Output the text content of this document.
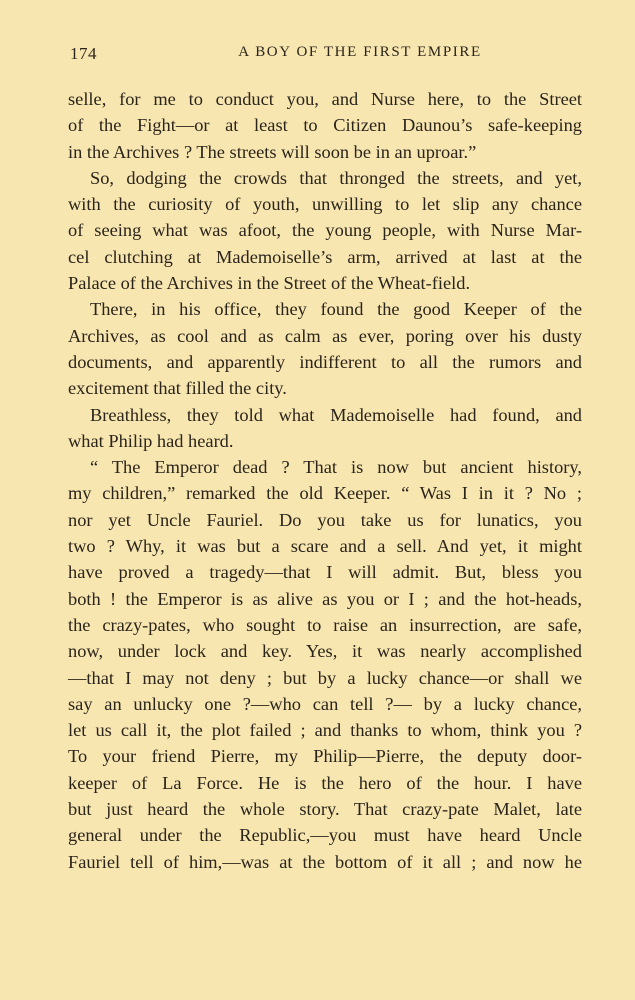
174	A BOY OF THE FIRST EMPIRE
selle, for me to conduct you, and Nurse here, to the Street
of the Fight—or at least to Citizen Daunou’s safe-keeping
in the Archives ? The streets will soon be in an uproar.”
So, dodging the crowds that thronged the streets, and yet,
with the curiosity of youth, unwilling to let slip any chance
of seeing what was afoot, the young people, with Nurse Mar-
cel clutching at Mademoiselle’s arm, arrived at last at the
Palace of the Archives in the Street of the Wheat-field.
There, in his office, they found the good Keeper of the
Archives, as cool and as calm as ever, poring over his dusty
documents, and apparently indifferent to all the rumors and
excitement that filled the city.
Breathless, they told what Mademoiselle had found, and
what Philip had heard.
“ The Emperor dead ? That is now but ancient history,
my children,” remarked the old Keeper. “ Was I in it ? No ;
nor yet Uncle Fauriel. Do you take us for lunatics, you
two ? Why, it was but a scare and a sell. And yet, it might
have proved a tragedy—that I will admit. But, bless you
both ! the Emperor is as alive as you or I ; and the hot-heads,
the crazy-pates, who sought to raise an insurrection, are safe,
now, under lock and key. Yes, it was nearly accomplished
—that I may not deny ; but by a lucky chance—or shall we
say an unlucky one ?—who can tell ?— by a lucky chance,
let us call it, the plot failed ; and thanks to whom, think you ?
To your friend Pierre, my Philip—Pierre, the deputy door-
keeper of La Force. He is the hero of the hour. I have
but just heard the whole story. That crazy-pate Malet, late
general under the Republic,—you must have heard Uncle
Fauriel tell of him,—was at the bottom of it all ; and now he
